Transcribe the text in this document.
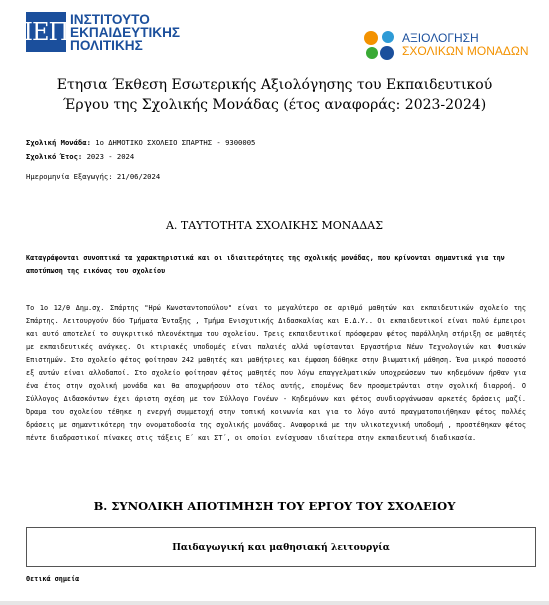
ΙΕΠ ΙΝΣΤΙΤΟΥΤΟ
ΕΚΠΑΙΔΕΥΤΙΚΗΣ
ΠΟΛΙΤΙΚΗΣ	ΑΞΙΟΛΟΓΗΣΗ
ΣΧΟΛΙΚΩΝ ΜΟΝΑΔΩΝ
Ετησια Έκθεση Εσωτερικής Αξιολόγησης του Εκπαιδευτικού
Έργου της Σχολικής Μονάδας (έτος αναφοράς: 2023-2024)
Σχολική Μονάδα: 1ο ΔΗΜΟΤΙΚΟ ΣΧΟΛΕΙΟ ΣΠΑΡΤΗΣ - 9300005
Σχολικό Έτος: 2023 - 2024
Ημερομηνία Εξαγωγής: 21/06/2024
Α. ΤΑΥΤΟΤΗΤΑ ΣΧΟΛΙΚΗΣ ΜΟΝΑΔΑΣ
Καταγράφονται συνοπτικά τα χαρακτηριστικά και οι ιδιαιτερότητες της σχολικής μονάδας, που κρίνονται σημαντικά για την αποτύπωση της εικόνας του σχολείου
Το 1ο 12/θ Δημ.σχ. Σπάρτης "Ηρώ Κωνσταντοπούλου" είναι το μεγαλύτερο σε αριθμό μαθητών και εκπαιδευτικών σχολείο της Σπάρτης. Λειτουργούν δύο Τμήματα Ένταξης , Τμήμα Ενισχυτικής Διδασκαλίας και Ε.Δ.Υ.. Οι εκπαιδευτικοί είναι πολύ έμπειροι και αυτό αποτελεί το συγκριτικό πλεονέκτημα του σχολείου. Τρεις εκπαιδευτικοί πρόσφεραν φέτος παράλληλη στήριξη σε μαθητές με εκπαιδευτικές ανάγκες. Οι κτιριακές υποδομές είναι παλαιές αλλά υφίστανται Εργαστήρια Νέων Τεχνολογιών και Φυσικών Επιστημών. Στο σχολείο φέτος φοίτησαν 242 μαθητές και μαθήτριες και έμφαση δόθηκε στην βιωματική μάθηση. Ένα μικρό ποσοστό εξ αυτών είναι αλλοδαποί. Στο σχολείο φοίτησαν φέτος μαθητές που λόγω επαγγελματικών υποχρεώσεων των κηδεμόνων ήρθαν για ένα έτος στην σχολική μονάδα και θα αποχωρήσουν στο τέλος αυτής, επομένως δεν προσμετρώνται στην σχολική διαρροή. Ο Σύλλογος Διδασκόντων έχει άριστη σχέση με τον Σύλλογο Γονέων - Κηδεμόνων και φέτος συνδιοργάνωσαν αρκετές δράσεις μαζί. Όραμα του σχολείου τέθηκε η ενεργή συμμετοχή στην τοπική κοινωνία και για το λόγο αυτό πραγματοποιήθηκαν φέτος πολλές δράσεις με σημαντικότερη την ονοματοδοσία της σχολικής μονάδας. Αναφορικά με την υλικοτεχνική υποδομή , προστέθηκαν φέτος πέντε διαδραστικοί πίνακες στις τάξεις Ε΄ και ΣΤ΄, οι οποίοι ενίσχυσαν ιδιαίτερα στην εκπαιδευτική διαδικασία.
Β. ΣΥΝΟΛΙΚΗ ΑΠΟΤΙΜΗΣΗ ΤΟΥ ΕΡΓΟΥ ΤΟΥ ΣΧΟΛΕΙΟΥ
Παιδαγωγική και μαθησιακή λειτουργία
Θετικά σημεία
